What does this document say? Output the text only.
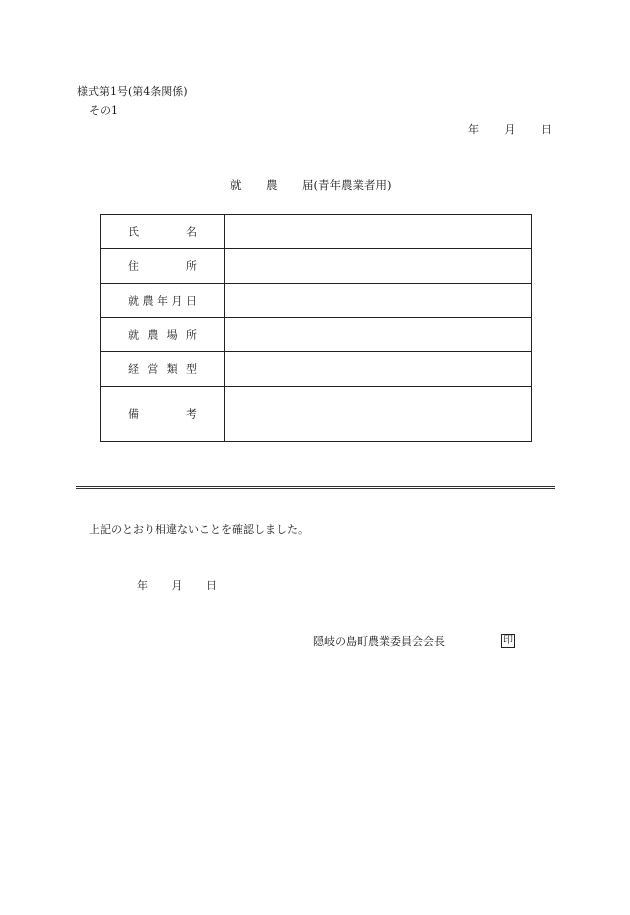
様式第1号(第4条関係)
その1
年 月 日
就 農 届(青年農業者用)
氏	名
住	所
就 農 年 月 日
就 農 場 所
経 営 類 型
備	考
上記のとおり相違ないことを確認しました。
年 月 日
隠岐の島町農業委員会会長	印
